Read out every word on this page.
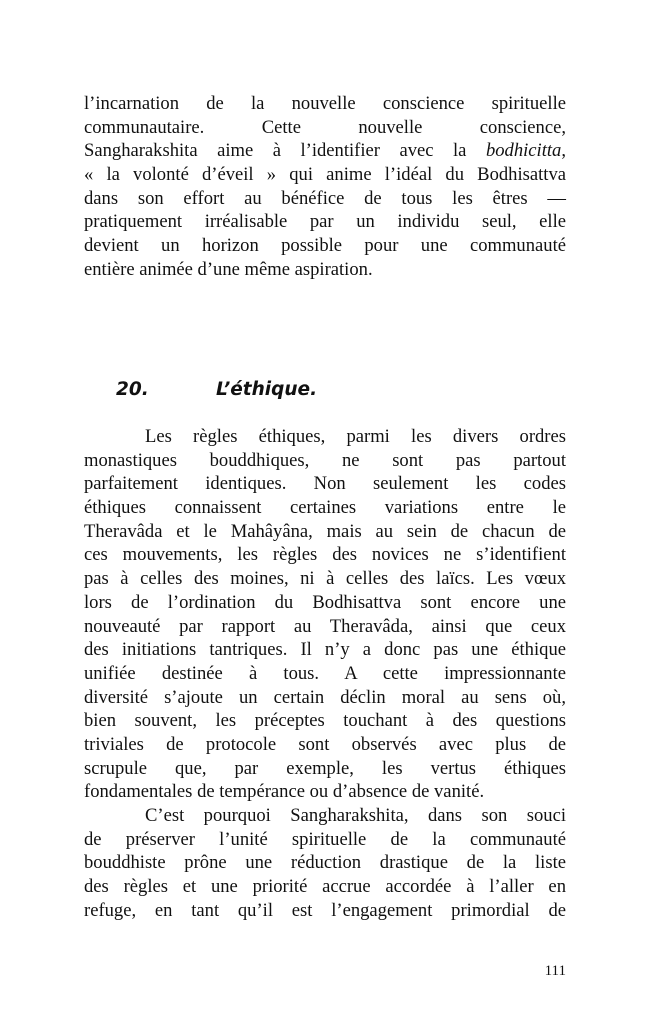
l’incarnation de la nouvelle conscience spirituelle
communautaire. Cette nouvelle conscience,
Sangharakshita aime à l’identifier avec la bodhicitta,
« la volonté d’éveil » qui anime l’idéal du Bodhisattva
dans son effort au bénéfice de tous les êtres —
pratiquement irréalisable par un individu seul, elle
devient un horizon possible pour une communauté
entière animée d’une même aspiration.
20.	L’éthique.
Les règles éthiques, parmi les divers ordres
monastiques bouddhiques, ne sont pas partout
parfaitement identiques. Non seulement les codes
éthiques connaissent certaines variations entre le
Theravâda et le Mahâyâna, mais au sein de chacun de
ces mouvements, les règles des novices ne s’identifient
pas à celles des moines, ni à celles des laïcs. Les vœux
lors de l’ordination du Bodhisattva sont encore une
nouveauté par rapport au Theravâda, ainsi que ceux
des initiations tantriques. Il n’y a donc pas une éthique
unifiée destinée à tous. A cette impressionnante
diversité s’ajoute un certain déclin moral au sens où,
bien souvent, les préceptes touchant à des questions
triviales de protocole sont observés avec plus de
scrupule que, par exemple, les vertus éthiques
fondamentales de tempérance ou d’absence de vanité.
C’est pourquoi Sangharakshita, dans son souci
de préserver l’unité spirituelle de la communauté
bouddhiste prône une réduction drastique de la liste
des règles et une priorité accrue accordée à l’aller en
refuge, en tant qu’il est l’engagement primordial de
111
